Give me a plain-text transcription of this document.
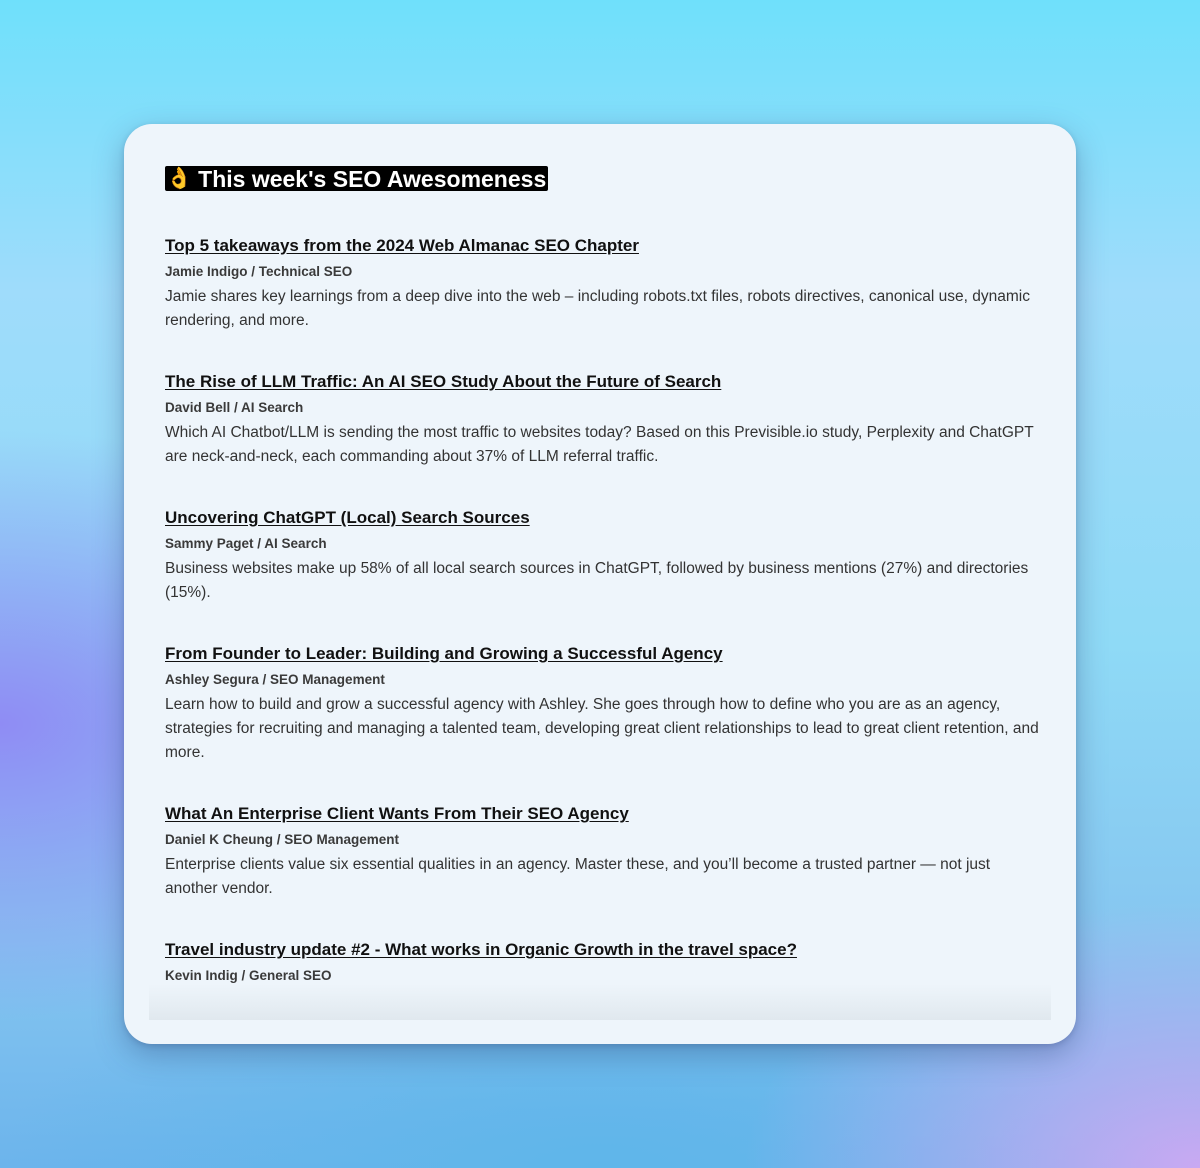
👌 This week's SEO Awesomeness
Top 5 takeaways from the 2024 Web Almanac SEO Chapter
Jamie Indigo / Technical SEO

Jamie shares key learnings from a deep dive into the web – including robots.txt files, robots directives, canonical use, dynamic rendering, and more.

The Rise of LLM Traffic: An AI SEO Study About the Future of Search
David Bell / AI Search

Which AI Chatbot/LLM is sending the most traffic to websites today? Based on this Previsible.io study, Perplexity and ChatGPT are neck-and-neck, each commanding about 37% of LLM referral traffic.

Uncovering ChatGPT (Local) Search Sources
Sammy Paget / AI Search

Business websites make up 58% of all local search sources in ChatGPT, followed by business mentions (27%) and directories (15%).

From Founder to Leader: Building and Growing a Successful Agency
Ashley Segura / SEO Management

Learn how to build and grow a successful agency with Ashley. She goes through how to define who you are as an agency, strategies for recruiting and managing a talented team, developing great client relationships to lead to great client retention, and more.

What An Enterprise Client Wants From Their SEO Agency
Daniel K Cheung / SEO Management

Enterprise clients value six essential qualities in an agency. Master these, and you’ll become a trusted partner — not just another vendor.

Travel industry update #2 - What works in Organic Growth in the travel space?
Kevin Indig / General SEO
